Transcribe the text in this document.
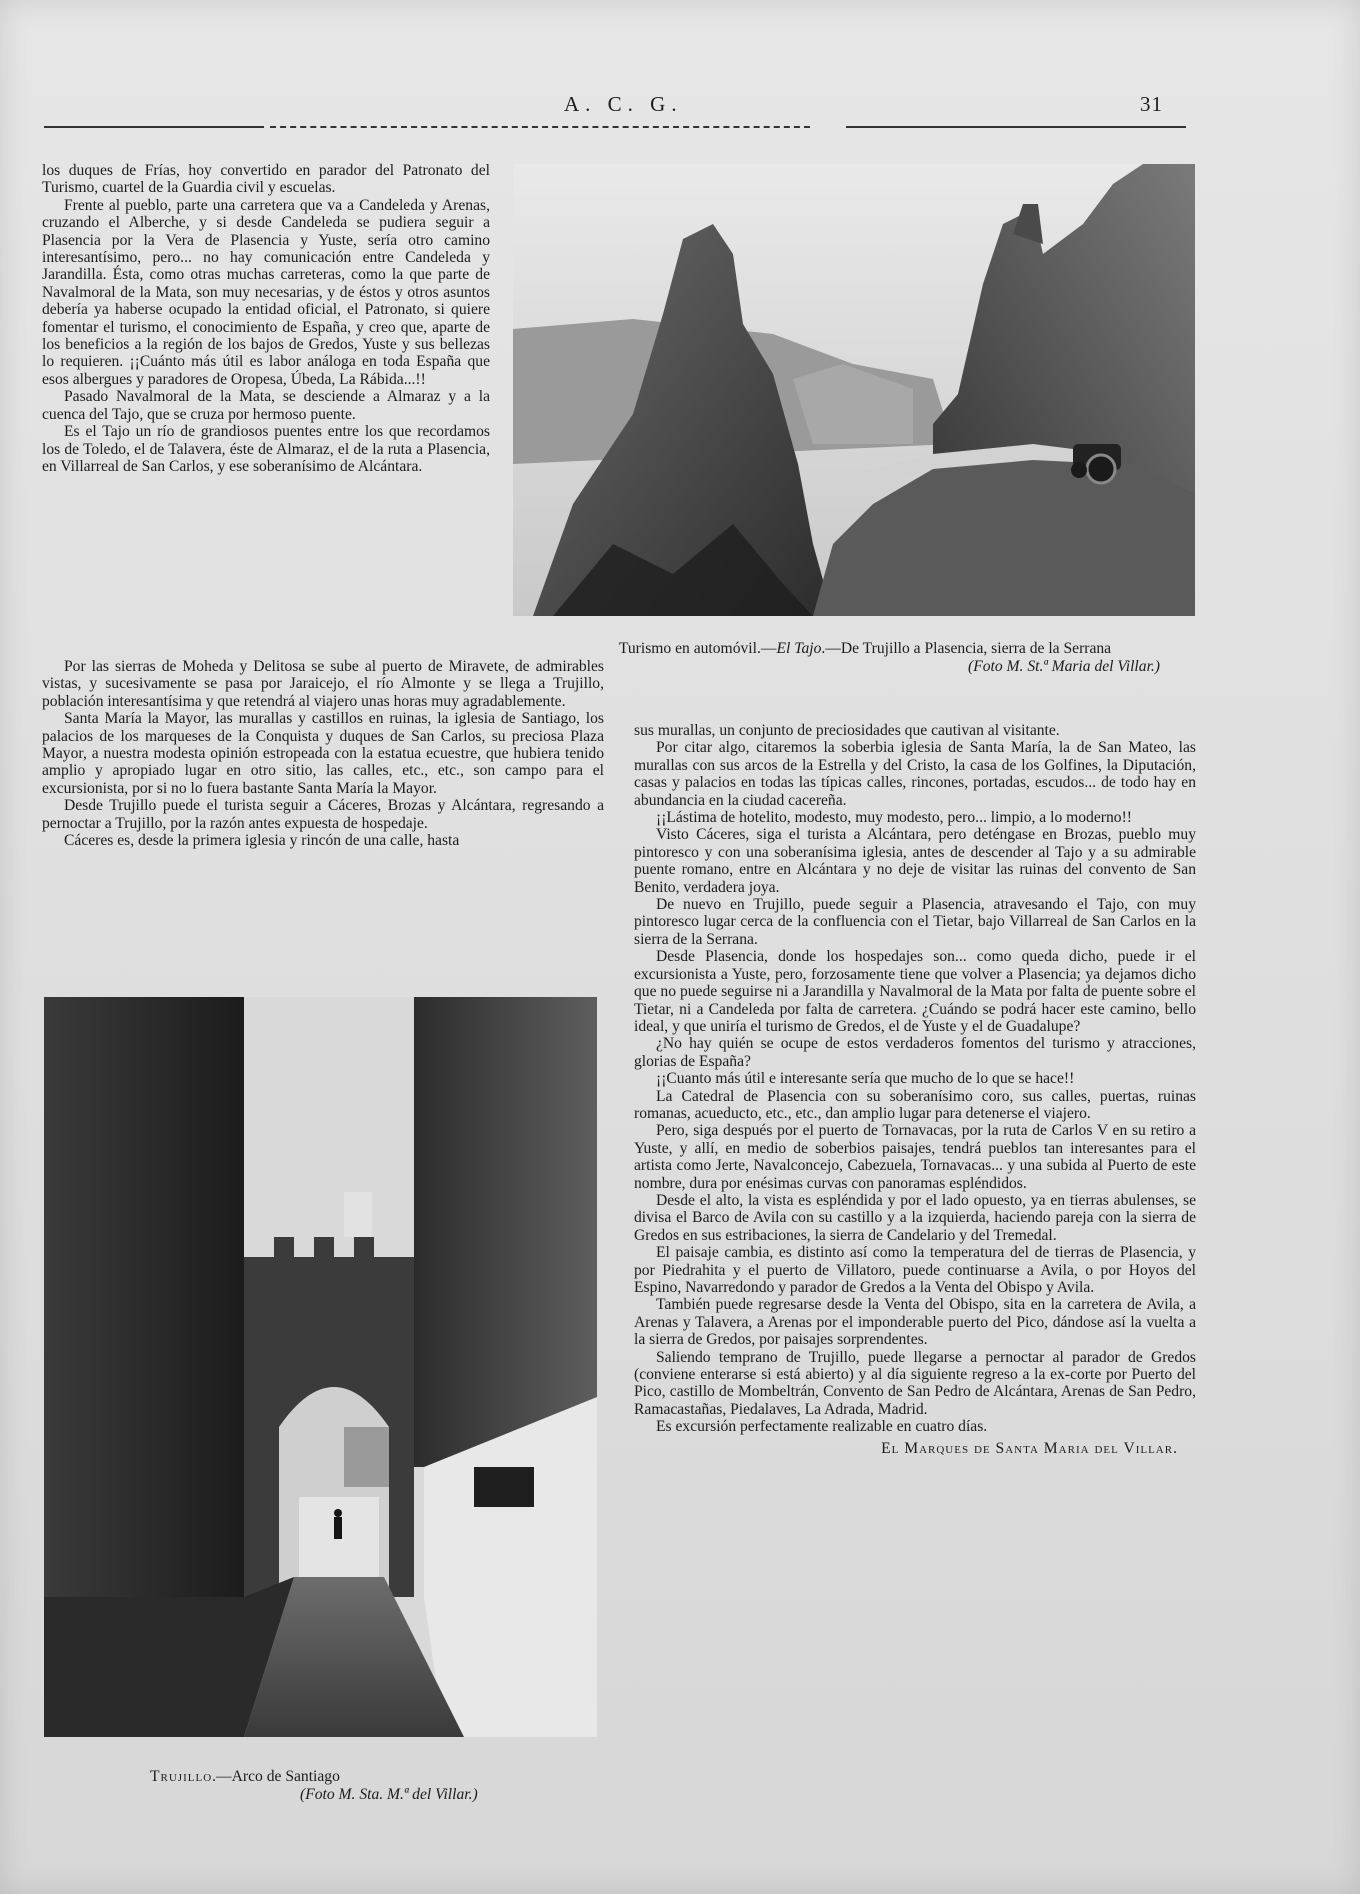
A. C. G.	31

los duques de Frías, hoy convertido en parador del Patronato del Turismo, cuartel de la Guardia civil y escuelas.

Frente al pueblo, parte una carretera que va a Candeleda y Arenas, cruzando el Alberche, y si desde Candeleda se pudiera seguir a Plasencia por la Vera de Plasencia y Yuste, sería otro camino interesantísimo, pero... no hay comunicación entre Candeleda y Jarandilla. Ésta, como otras muchas carreteras, como la que parte de Navalmoral de la Mata, son muy necesarias, y de éstos y otros asuntos debería ya haberse ocupado la entidad oficial, el Patronato, si quiere fomentar el turismo, el conocimiento de España, y creo que, aparte de los beneficios a la región de los bajos de Gredos, Yuste y sus bellezas lo requieren. ¡¡Cuánto más útil es labor análoga en toda España que esos albergues y paradores de Oropesa, Úbeda, La Rábida...!!

Pasado Navalmoral de la Mata, se desciende a Almaraz y a la cuenca del Tajo, que se cruza por hermoso puente.

Es el Tajo un río de grandiosos puentes entre los que recordamos los de Toledo, el de Talavera, éste de Almaraz, el de la ruta a Plasencia, en Villarreal de San Carlos, y ese soberanísimo de Alcántara.

Turismo en automóvil.—El Tajo.—De Trujillo a Plasencia, sierra de la Serrana
(Foto M. St.ª Maria del Villar.)

Por las sierras de Moheda y Delitosa se sube al puerto de Miravete, de admirables vistas, y sucesivamente se pasa por Jaraicejo, el río Almonte y se llega a Trujillo, población interesantísima y que retendrá al viajero unas horas muy agradablemente.

Santa María la Mayor, las murallas y castillos en ruinas, la iglesia de Santiago, los palacios de los marqueses de la Conquista y duques de San Carlos, su preciosa Plaza Mayor, a nuestra modesta opinión estropeada con la estatua ecuestre, que hubiera tenido amplio y apropiado lugar en otro sitio, las calles, etc., etc., son campo para el excursionista, por si no lo fuera bastante Santa María la Mayor.

Desde Trujillo puede el turista seguir a Cáceres, Brozas y Alcántara, regresando a pernoctar a Trujillo, por la razón antes expuesta de hospedaje.

Cáceres es, desde la primera iglesia y rincón de una calle, hasta

Trujillo.—Arco de Santiago
(Foto M. Sta. M.ª del Villar.)

sus murallas, un conjunto de preciosidades que cautivan al visitante.

Por citar algo, citaremos la soberbia iglesia de Santa María, la de San Mateo, las murallas con sus arcos de la Estrella y del Cristo, la casa de los Golfines, la Diputación, casas y palacios en todas las típicas calles, rincones, portadas, escudos... de todo hay en abundancia en la ciudad cacereña.

¡¡Lástima de hotelito, modesto, muy modesto, pero... limpio, a lo moderno!!

Visto Cáceres, siga el turista a Alcántara, pero deténgase en Brozas, pueblo muy pintoresco y con una soberanísima iglesia, antes de descender al Tajo y a su admirable puente romano, entre en Alcántara y no deje de visitar las ruinas del convento de San Benito, verdadera joya.

De nuevo en Trujillo, puede seguir a Plasencia, atravesando el Tajo, con muy pintoresco lugar cerca de la confluencia con el Tietar, bajo Villarreal de San Carlos en la sierra de la Serrana.

Desde Plasencia, donde los hospedajes son... como queda dicho, puede ir el excursionista a Yuste, pero, forzosamente tiene que volver a Plasencia; ya dejamos dicho que no puede seguirse ni a Jarandilla y Navalmoral de la Mata por falta de puente sobre el Tietar, ni a Candeleda por falta de carretera. ¿Cuándo se podrá hacer este camino, bello ideal, y que uniría el turismo de Gredos, el de Yuste y el de Guadalupe?

¿No hay quién se ocupe de estos verdaderos fomentos del turismo y atracciones, glorias de España?

¡¡Cuanto más útil e interesante sería que mucho de lo que se hace!!

La Catedral de Plasencia con su soberanísimo coro, sus calles, puertas, ruinas romanas, acueducto, etc., etc., dan amplio lugar para detenerse el viajero.

Pero, siga después por el puerto de Tornavacas, por la ruta de Carlos V en su retiro a Yuste, y allí, en medio de soberbios paisajes, tendrá pueblos tan interesantes para el artista como Jerte, Navalconcejo, Cabezuela, Tornavacas... y una subida al Puerto de este nombre, dura por enésimas curvas con panoramas espléndidos.

Desde el alto, la vista es espléndida y por el lado opuesto, ya en tierras abulenses, se divisa el Barco de Avila con su castillo y a la izquierda, haciendo pareja con la sierra de Gredos en sus estribaciones, la sierra de Candelario y del Tremedal.

El paisaje cambia, es distinto así como la temperatura del de tierras de Plasencia, y por Piedrahita y el puerto de Villatoro, puede continuarse a Avila, o por Hoyos del Espino, Navarredondo y parador de Gredos a la Venta del Obispo y Avila.

También puede regresarse desde la Venta del Obispo, sita en la carretera de Avila, a Arenas y Talavera, a Arenas por el imponderable puerto del Pico, dándose así la vuelta a la sierra de Gredos, por paisajes sorprendentes.

Saliendo temprano de Trujillo, puede llegarse a pernoctar al parador de Gredos (conviene enterarse si está abierto) y al día siguiente regreso a la ex-corte por Puerto del Pico, castillo de Mombeltrán, Convento de San Pedro de Alcántara, Arenas de San Pedro, Ramacastañas, Piedalaves, La Adrada, Madrid.

Es excursión perfectamente realizable en cuatro días.

El Marques de Santa Maria del Villar.
